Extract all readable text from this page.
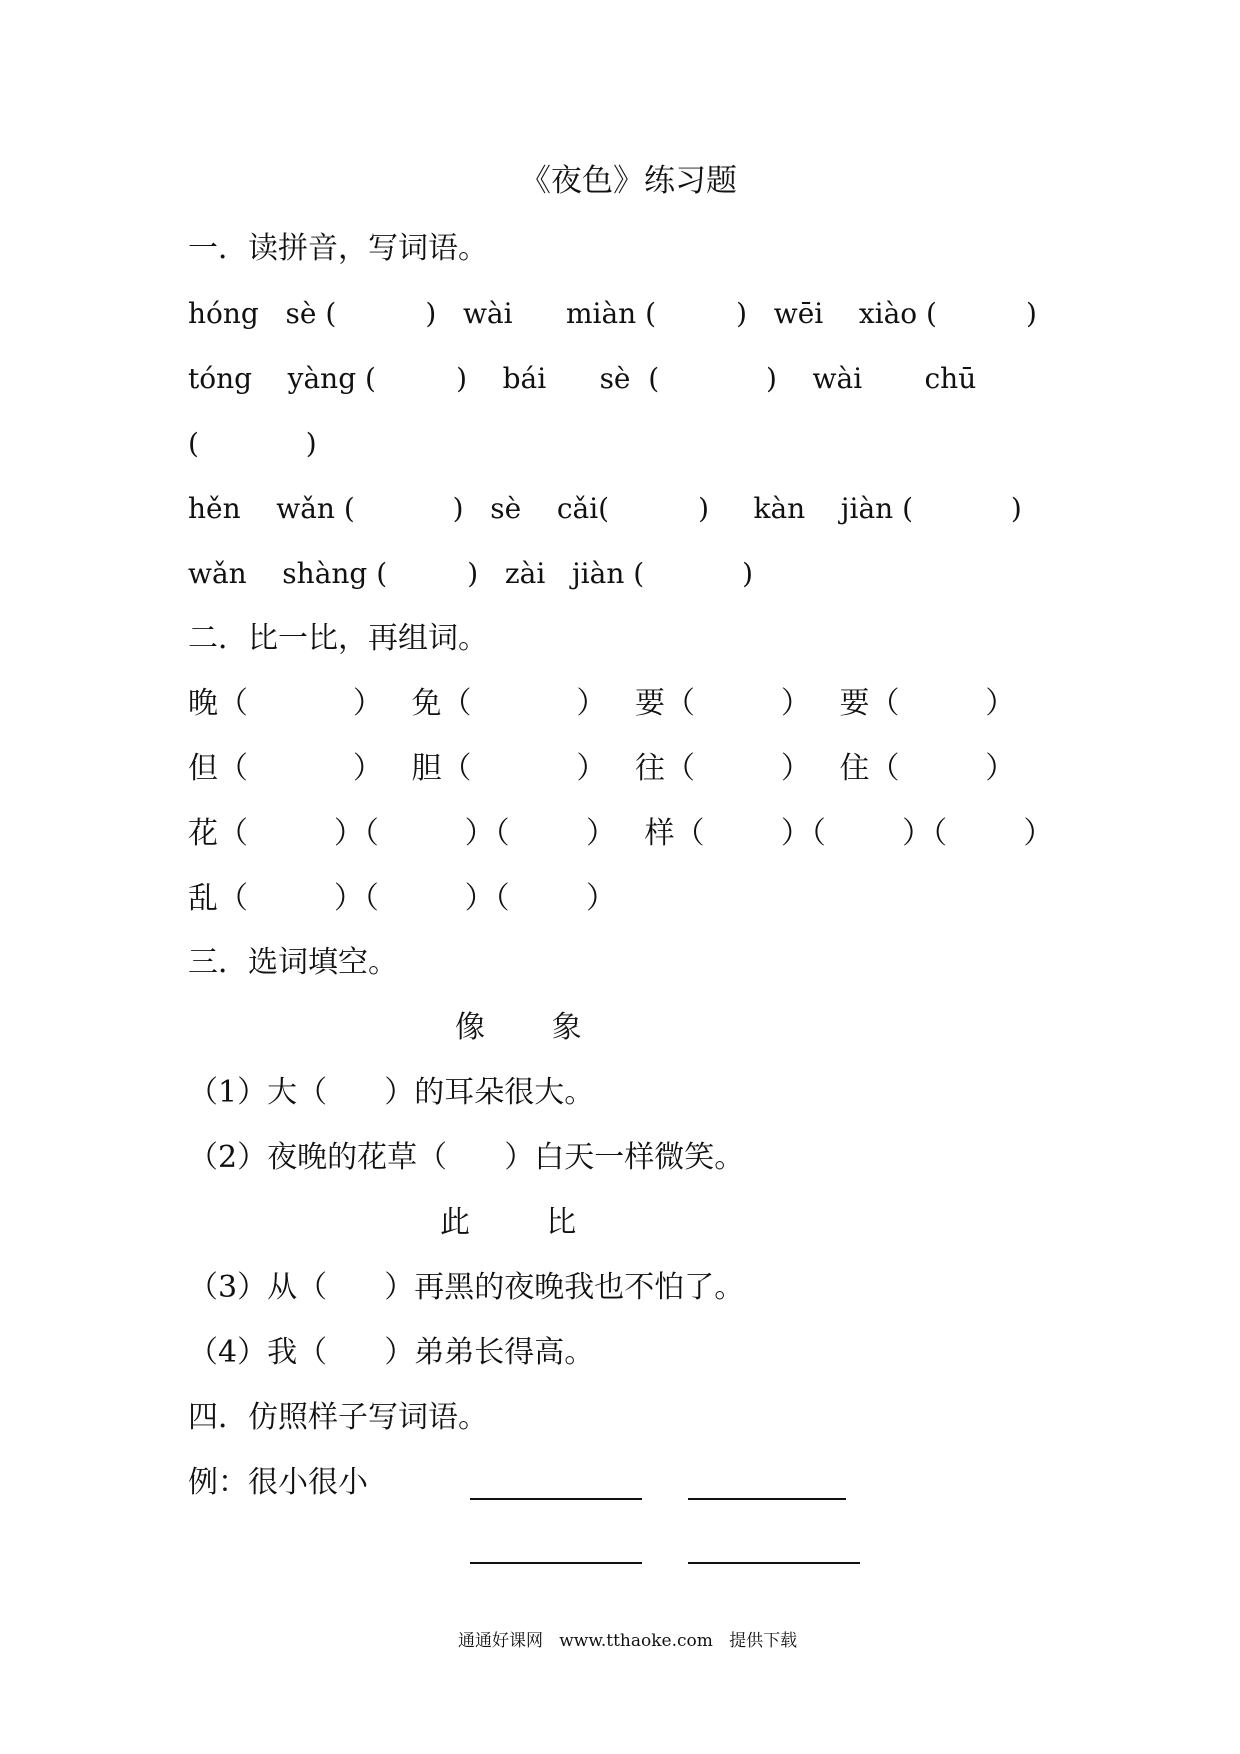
《夜色》练习题
一．读拼音，写词语。
hóng   sè (          )   wài      miàn (         )   wēi    xiào (          )
tóng    yàng (         )    bái      sè  (            )    wài       chū
(            )
hěn    wǎn (           )   sè    cǎi(          )     kàn    jiàn (           )
wǎn    shàng (         )   zài   jiàn (           )
二．比一比，再组词。
晚（           ）   免（           ）   要（         ）   要（         ）
但（           ）   胆（           ）   往（         ）   住（         ）
花（         ）（         ）（        ）   样（        ）（        ）（        ）
乱（         ）（         ）（        ）
三．选词填空。
像       象
（1）大（      ）的耳朵很大。
（2）夜晚的花草（      ）白天一样微笑。
此        比
（3）从（      ）再黑的夜晚我也不怕了。
（4）我（      ）弟弟长得高。
四．仿照样子写词语。
例：很小很小
通通好课网   www.tthaoke.com   提供下载
